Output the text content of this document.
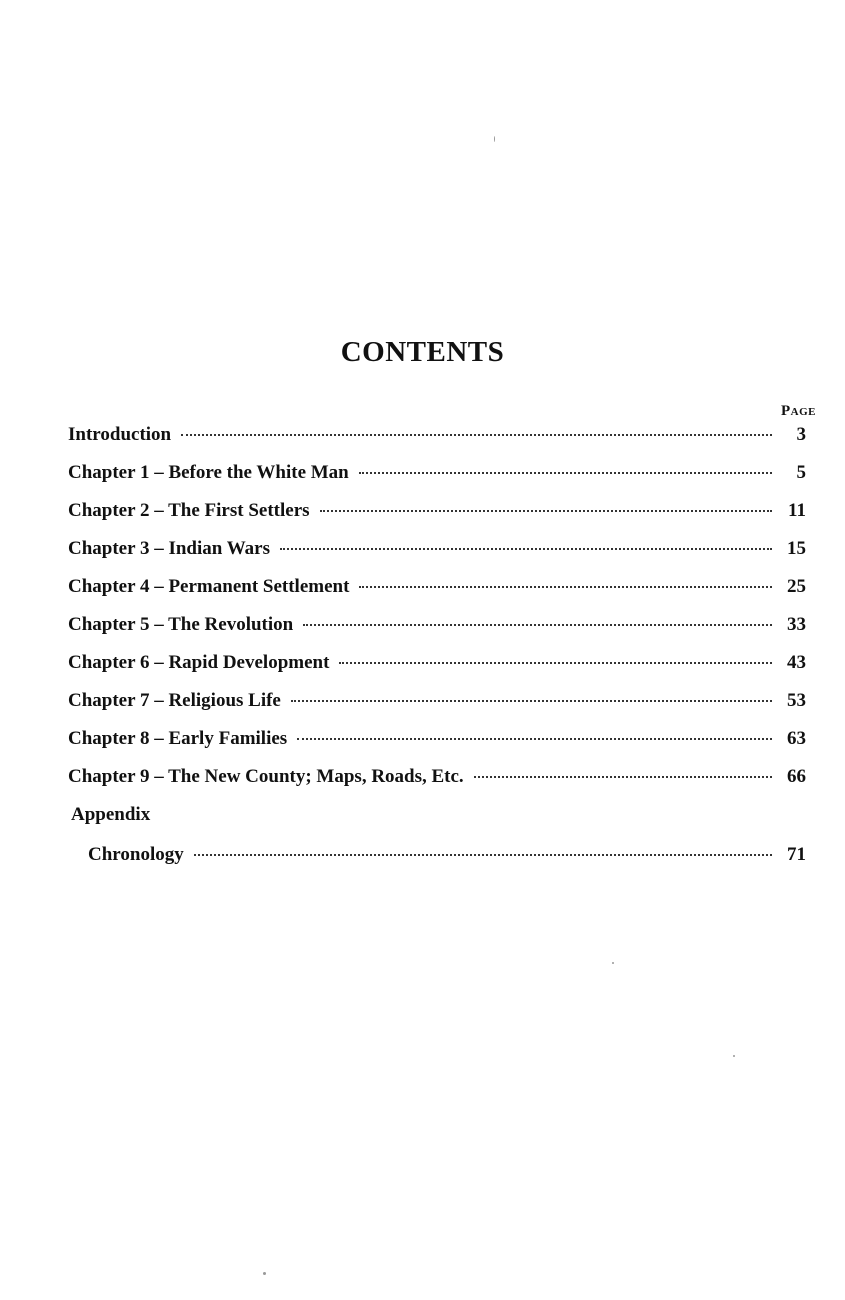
CONTENTS
Page
Introduction	3
Chapter 1 – Before the White Man	5
Chapter 2 – The First Settlers	11
Chapter 3 – Indian Wars	15
Chapter 4 – Permanent Settlement	25
Chapter 5 – The Revolution	33
Chapter 6 – Rapid Development	43
Chapter 7 – Religious Life	53
Chapter 8 – Early Families	63
Chapter 9 – The New County; Maps, Roads, Etc.	66
Appendix
Chronology	71
